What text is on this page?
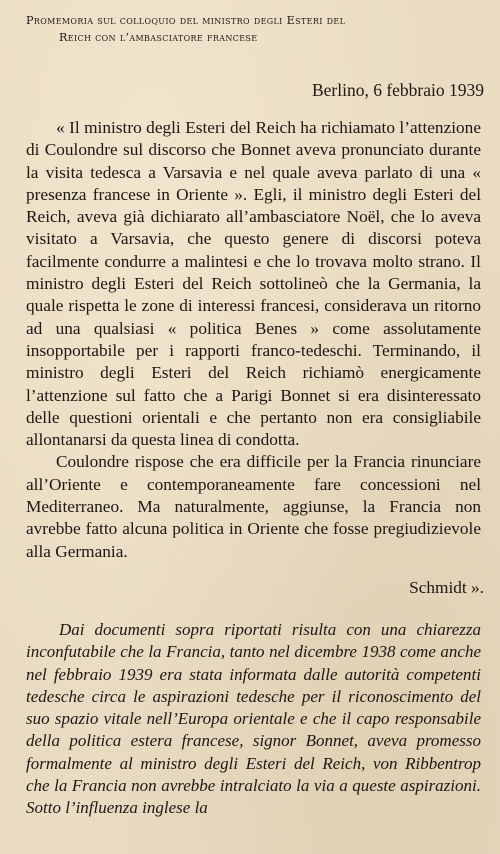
Promemoria sul colloquio del ministro degli Esteri del
Reich con l’ambasciatore francese
Berlino, 6 febbraio 1939

« Il ministro degli Esteri del Reich ha richiamato l’attenzione di Coulondre sul discorso che Bonnet aveva pronunciato durante la visita tedesca a Varsavia e nel quale aveva parlato di una « presenza francese in Oriente ». Egli, il ministro degli Esteri del Reich, aveva già dichiarato all’ambasciatore Noël, che lo aveva visitato a Varsavia, che questo genere di discorsi poteva facilmente condurre a malintesi e che lo trovava molto strano. Il ministro degli Esteri del Reich sottolineò che la Germania, la quale rispetta le zone di interessi francesi, considerava un ritorno ad una qualsiasi « politica Benes » come assolutamente insopportabile per i rapporti franco-tedeschi. Terminando, il ministro degli Esteri del Reich richiamò energicamente l’attenzione sul fatto che a Parigi Bonnet si era disinteressato delle questioni orientali e che pertanto non era consigliabile allontanarsi da questa linea di condotta.

Coulondre rispose che era difficile per la Francia rinunciare all’Oriente e contemporaneamente fare concessioni nel Mediterraneo. Ma naturalmente, aggiunse, la Francia non avrebbe fatto alcuna politica in Oriente che fosse pregiudizievole alla Germania.

Schmidt ».

Dai documenti sopra riportati risulta con una chiarezza inconfutabile che la Francia, tanto nel dicembre 1938 come anche nel febbraio 1939 era stata informata dalle autorità competenti tedesche circa le aspirazioni tedesche per il riconoscimento del suo spazio vitale nell’Europa orientale e che il capo responsabile della politica estera francese, signor Bonnet, aveva promesso formalmente al ministro degli Esteri del Reich, von Ribbentrop che la Francia non avrebbe intralciato la via a queste aspirazioni. Sotto l’influenza inglese la
